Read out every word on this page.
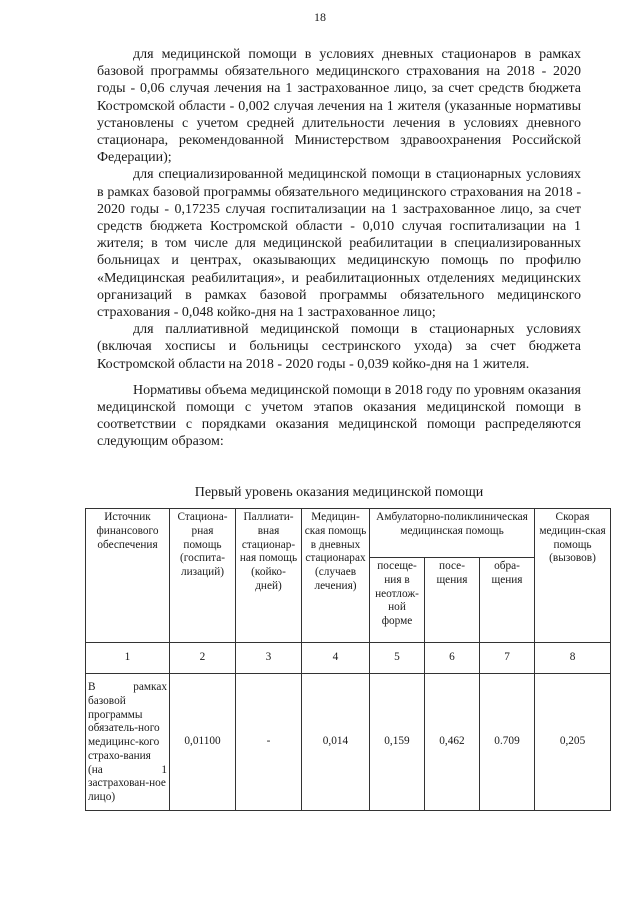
18

для медицинской помощи в условиях дневных стационаров в рамках базовой программы обязательного медицинского страхования на 2018 - 2020 годы - 0,06 случая лечения на 1 застрахованное лицо, за счет средств бюджета Костромской области - 0,002 случая лечения на 1 жителя (указанные нормативы установлены с учетом средней длительности лечения в условиях дневного стационара, рекомендованной Министерством здравоохранения Российской Федерации);

для специализированной медицинской помощи в стационарных условиях в рамках базовой программы обязательного медицинского страхования на 2018 - 2020 годы - 0,17235 случая госпитализации на 1 застрахованное лицо, за счет средств бюджета Костромской области - 0,010 случая госпитализации на 1 жителя; в том числе для медицинской реабилитации в специализированных больницах и центрах, оказывающих медицинскую помощь по профилю «Медицинская реабилитация», и реабилитационных отделениях медицинских организаций в рамках базовой программы обязательного медицинского страхования - 0,048 койко-дня на 1 застрахованное лицо;

для паллиативной медицинской помощи в стационарных условиях (включая хосписы и больницы сестринского ухода) за счет бюджета Костромской области на 2018 - 2020 годы - 0,039 койко-дня на 1 жителя.

Нормативы объема медицинской помощи в 2018 году по уровням оказания медицинской помощи с учетом этапов оказания медицинской помощи в соответствии с порядками оказания медицинской помощи распределяются следующим образом:

Первый уровень оказания медицинской помощи
Источник финансового обеспечения	Стациона-рная помощь (госпита-лизаций)	Паллиати-вная стационар-ная помощь (койко-дней)	Медицин-ская помощь в дневных стационарах (случаев лечения)	Амбулаторно-поликлиническая медицинская помощь			Скорая медицин-ская помощь (вызовов)
				посеще-ния в неотлож-ной форме	посе-щения	обра-щения	
1	2	3	4	5	6	7	8
В рамках базовой программы обязатель-ного медицинс-кого страхо-вания (на 1 застрахован-ное лицо)	0,01100	-	0,014	0,159	0,462	0.709	0,205
